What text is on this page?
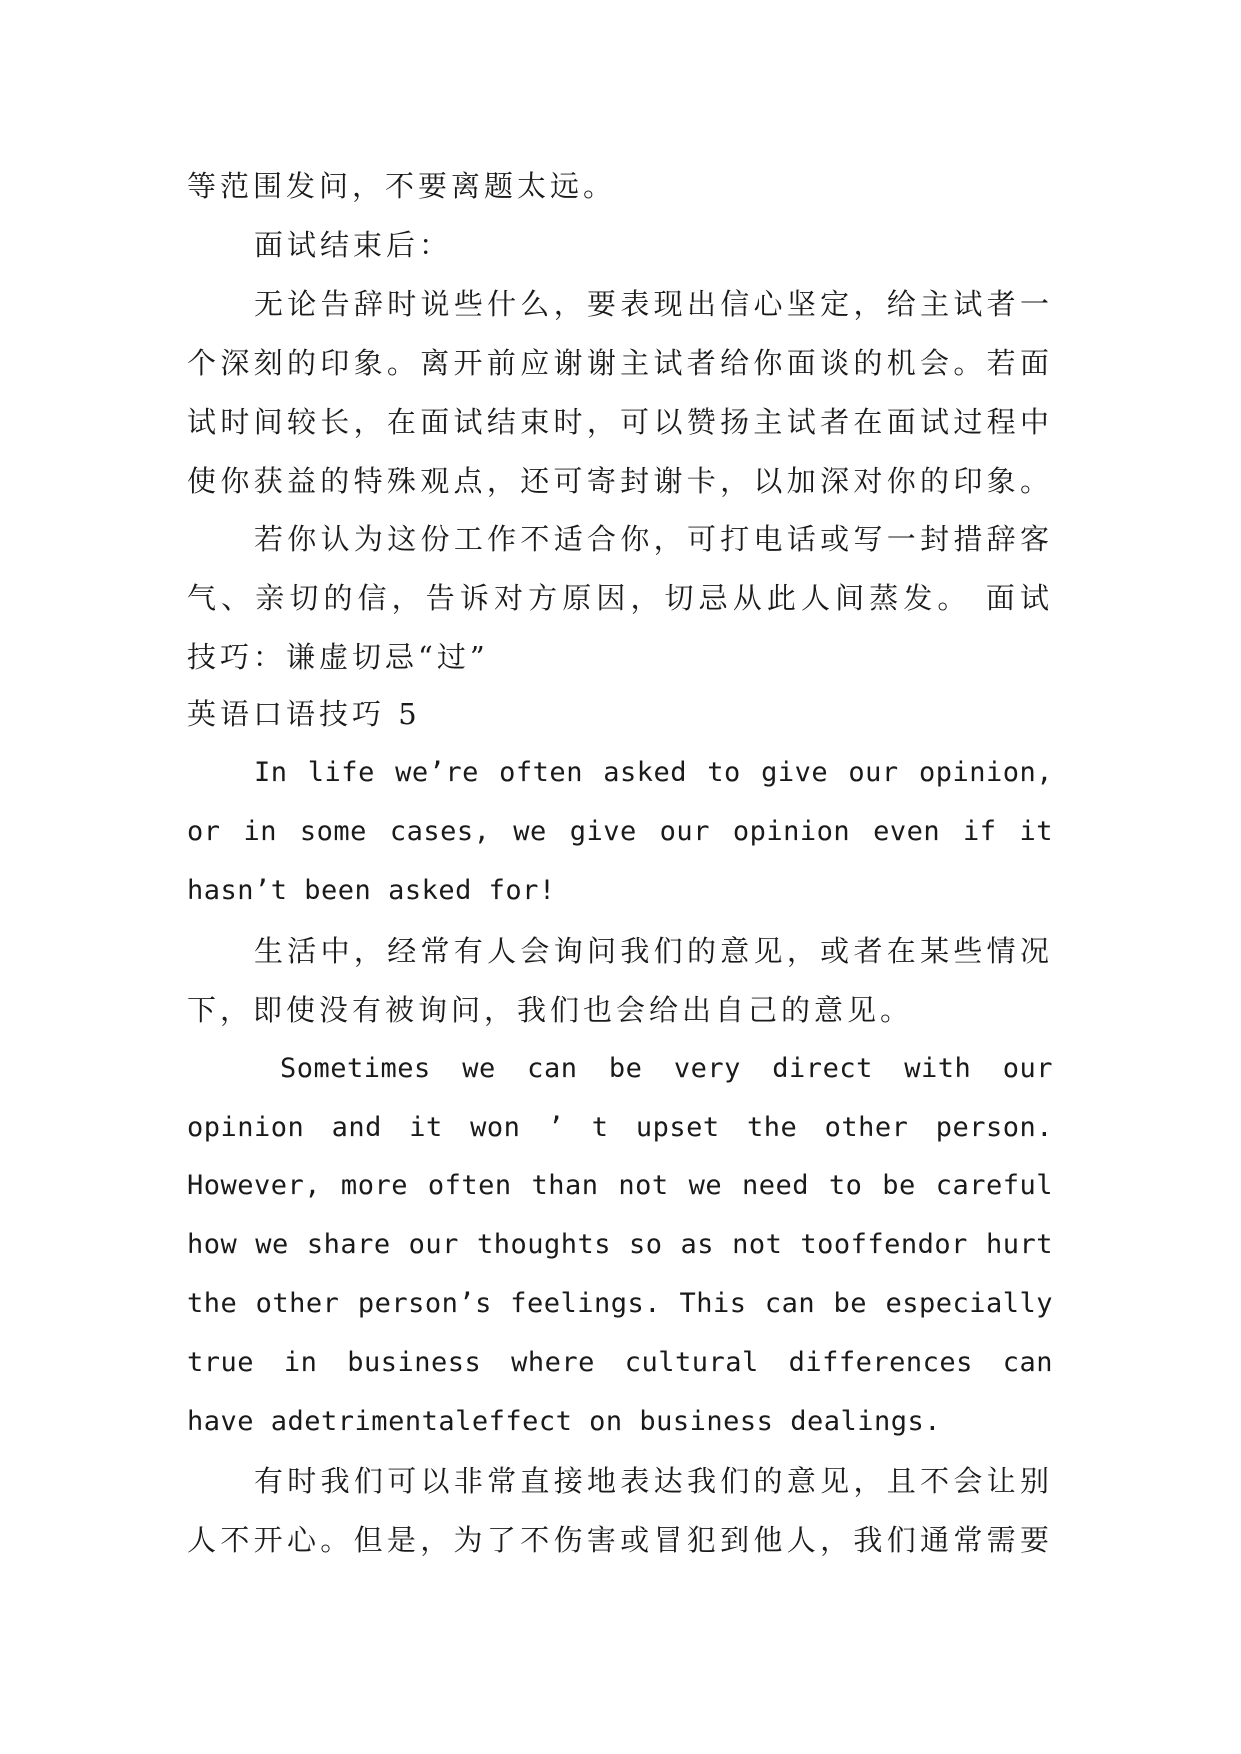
等范围发问，不要离题太远。
面试结束后：
无论告辞时说些什么，要表现出信心坚定，给主试者一
个深刻的印象。离开前应谢谢主试者给你面谈的机会。若面
试时间较长，在面试结束时，可以赞扬主试者在面试过程中
使你获益的特殊观点，还可寄封谢卡，以加深对你的印象。
若你认为这份工作不适合你，可打电话或写一封措辞客
气、亲切的信，告诉对方原因，切忌从此人间蒸发。 面试
技巧：谦虚切忌“过”
英语口语技巧 5
In life we’re often asked to give our opinion,
or in some cases, we give our opinion even if it
hasn’t been asked for!
生活中，经常有人会询问我们的意见，或者在某些情况
下，即使没有被询问，我们也会给出自己的意见。
Sometimes we can be very direct with our
opinion and it won ’ t upset the other person.
However, more often than not we need to be careful
how we share our thoughts so as not tooffendor hurt
the other person’s feelings. This can be especially
true in business where cultural differences can
have adetrimentaleffect on business dealings.
有时我们可以非常直接地表达我们的意见，且不会让别
人不开心。但是，为了不伤害或冒犯到他人，我们通常需要
